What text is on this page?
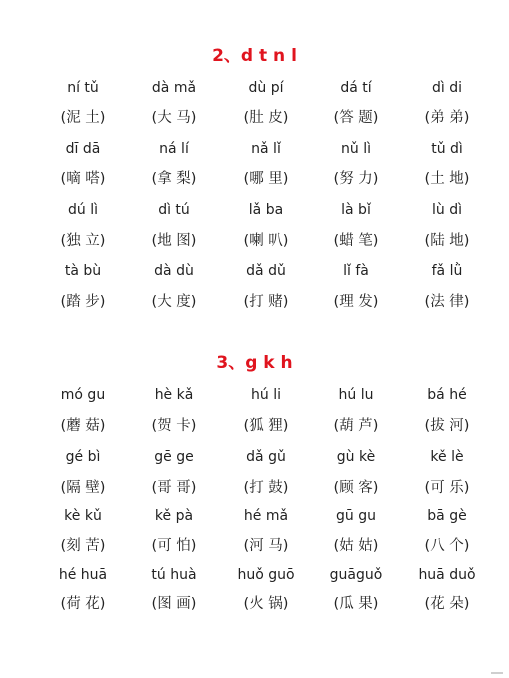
2、d t n l
ní tǔ	dà mǎ	dù pí	dá tí	dì di
(泥 土)	(大 马)	(肚 皮)	(答 题)	(弟 弟)
dī dā	ná lí	nǎ lǐ	nǔ lì	tǔ dì
(嘀 嗒)	(拿 梨)	(哪 里)	(努 力)	(土 地)
dú lì	dì tú	lǎ ba	là bǐ	lù dì
(独 立)	(地 图)	(喇 叭)	(蜡 笔)	(陆 地)
tà bù	dà dù	dǎ dǔ	lǐ fà	fǎ lǜ
(踏 步)	(大 度)	(打 赌)	(理 发)	(法 律)
3、g k h
mó gu	hè kǎ	hú li	hú lu	bá hé
(蘑 菇)	(贺 卡)	(狐 狸)	(葫 芦)	(拔 河)
gé bì	gē ge	dǎ gǔ	gù kè	kě lè
(隔 壁)	(哥 哥)	(打 鼓)	(顾 客)	(可 乐)
kè kǔ	kě pà	hé mǎ	gū gu	bā gè
(刻 苦)	(可 怕)	(河 马)	(姑 姑)	(八 个)
hé huā	tú huà	huǒ guō	guāguǒ	huā duǒ
(荷 花)	(图 画)	(火 锅)	(瓜 果)	(花 朵)
